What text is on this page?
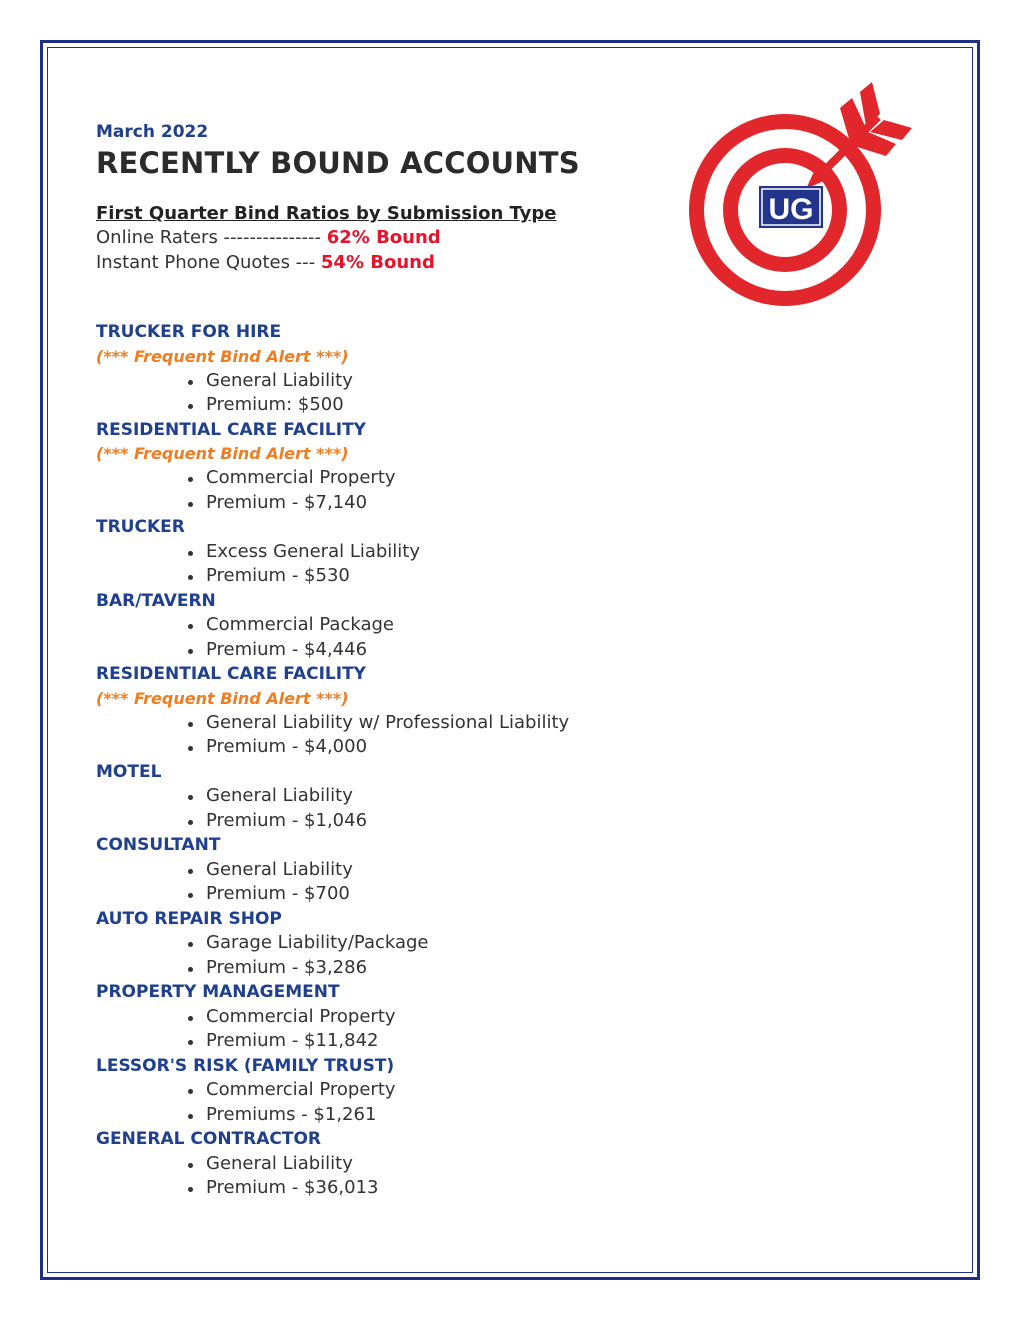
UG

March 2022

RECENTLY BOUND ACCOUNTS
First Quarter Bind Ratios by Submission Type
Online Raters --------------- 62% Bound
Instant Phone Quotes --- 54% Bound
TRUCKER FOR HIRE
(*** Frequent Bind Alert ***)
General Liability
Premium: $500
RESIDENTIAL CARE FACILITY
(*** Frequent Bind Alert ***)
Commercial Property
Premium - $7,140
TRUCKER
Excess General Liability
Premium - $530
BAR/TAVERN
Commercial Package
Premium - $4,446
RESIDENTIAL CARE FACILITY
(*** Frequent Bind Alert ***)
General Liability w/ Professional Liability
Premium - $4,000
MOTEL
General Liability
Premium - $1,046
CONSULTANT
General Liability
Premium - $700
AUTO REPAIR SHOP
Garage Liability/Package
Premium - $3,286
PROPERTY MANAGEMENT
Commercial Property
Premium - $11,842
LESSOR'S RISK (FAMILY TRUST)
Commercial Property
Premiums - $1,261
GENERAL CONTRACTOR
General Liability
Premium - $36,013
